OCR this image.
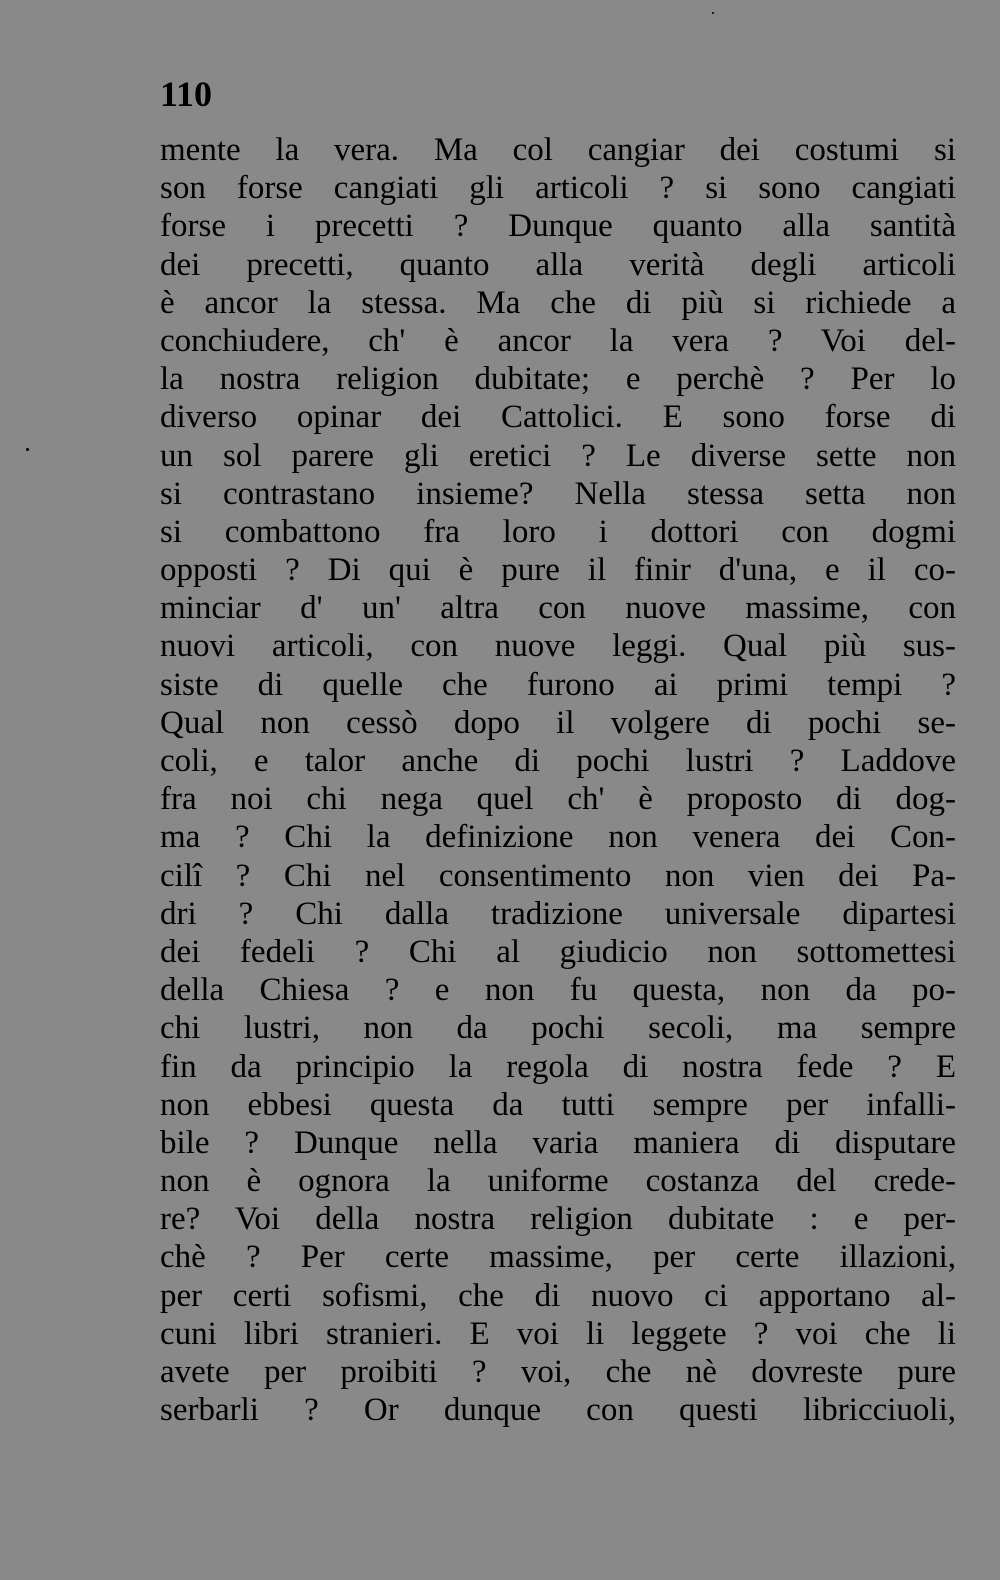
110
mente la vera. Ma col cangiar dei costumi si
son forse cangiati gli articoli ? si sono cangiati
forse i precetti ? Dunque quanto alla santità
dei precetti, quanto alla verità degli articoli
è ancor la stessa. Ma che di più si richiede a
conchiudere, ch' è ancor la vera ? Voi del-
la nostra religion dubitate; e perchè ? Per lo
diverso opinar dei Cattolici. E sono forse di
un sol parere gli eretici ? Le diverse sette non
si contrastano insieme? Nella stessa setta non
si combattono fra loro i dottori con dogmi
opposti ? Di qui è pure il finir d'una, e il co-
minciar d' un' altra con nuove massime, con
nuovi articoli, con nuove leggi. Qual più sus-
siste di quelle che furono ai primi tempi ?
Qual non cessò dopo il volgere di pochi se-
coli, e talor anche di pochi lustri ? Laddove
fra noi chi nega quel ch' è proposto di dog-
ma ? Chi la definizione non venera dei Con-
cilî ? Chi nel consentimento non vien dei Pa-
dri ? Chi dalla tradizione universale dipartesi
dei fedeli ? Chi al giudicio non sottomettesi
della Chiesa ? e non fu questa, non da po-
chi lustri, non da pochi secoli, ma sempre
fin da principio la regola di nostra fede ? E
non ebbesi questa da tutti sempre per infalli-
bile ? Dunque nella varia maniera di disputare
non è ognora la uniforme costanza del crede-
re? Voi della nostra religion dubitate : e per-
chè ? Per certe massime, per certe illazioni,
per certi sofismi, che di nuovo ci apportano al-
cuni libri stranieri. E voi li leggete ? voi che li
avete per proibiti ? voi, che nè dovreste pure
serbarli ? Or dunque con questi libricciuoli,
